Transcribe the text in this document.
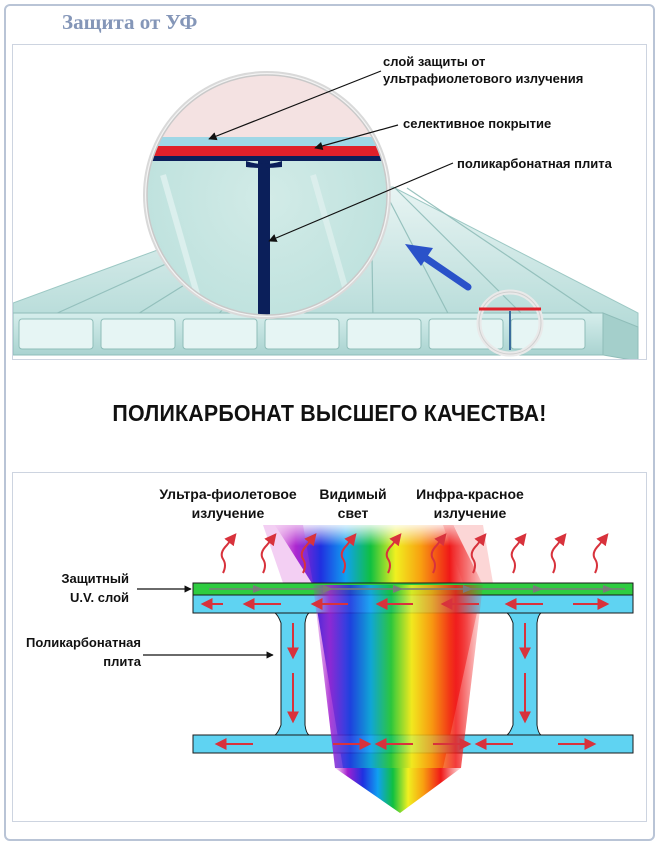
Защита от УФ
слой защиты от
ультрафиолетового излучения
селективное покрытие
поликарбонатная плита
ПОЛИКАРБОНАТ ВЫСШЕГО КАЧЕСТВА!
Ультра-фиолетовое
излучение
Видимый
свет
Инфра-красное
излучение
Защитный
U.V. слой
Поликарбонатная
плита
